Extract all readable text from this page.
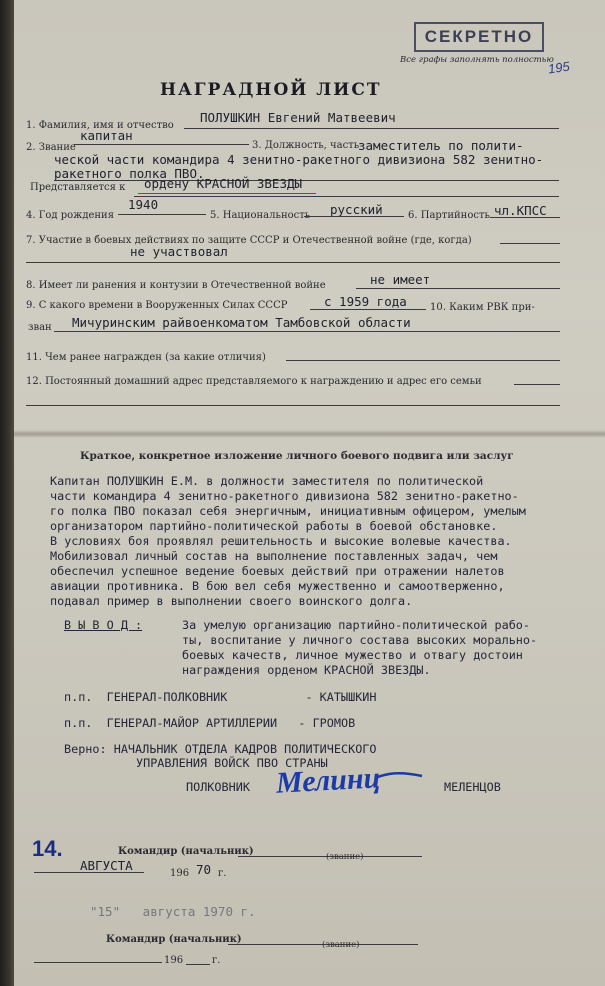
СЕКРЕТНО
Все графы заполнять полностью
195
НАГРАДНОЙ ЛИСТ
1. Фамилия, имя и отчество
ПОЛУШКИН Евгений Матвеевич
2. Звание
капитан
3. Должность, часть
заместитель по полити-
ческой части командира 4 зенитно-ракетного дивизиона 582 зенитно-
ракетного полка ПВО.
Представляется к ордену КРАСНОЙ ЗВЕЗДЫ
4. Год рождения
1940
5. Национальность русский	6. Партийность чл.КПСС
7. Участие в боевых действиях по защите СССР и Отечественной войне (где, когда)
не участвовал
8. Имеет ли ранения и контузии в Отечественной войне	не имеет
9. С какого времени в Вооруженных Силах СССР	с 1959 года 10. Каким РВК при-
зван Мичуринским райвоенкоматом Тамбовской области
11. Чем ранее награжден (за какие отличия)
12. Постоянный домашний адрес представляемого к награждению и адрес его семьи
Краткое, конкретное изложение личного боевого подвига или заслуг
Капитан ПОЛУШКИН Е.М. в должности заместителя по политической
части командира 4 зенитно-ракетного дивизиона 582 зенитно-ракетно-
го полка ПВО показал себя энергичным, инициативным офицером, умелым
организатором партийно-политической работы в боевой обстановке.
В условиях боя проявлял решительность и высокие волевые качества.
Мобилизовал личный состав на выполнение поставленных задач, чем
обеспечил успешное ведение боевых действий при отражении налетов
авиации противника. В бою вел себя мужественно и самоотверженно,
подавал пример в выполнении своего воинского долга.
В Ы В О Д :	За умелую организацию партийно-политической рабо-
ты, воспитание у личного состава высоких морально-
боевых качеств, личное мужество и отвагу достоин
награждения орденом КРАСНОЙ ЗВЕЗДЫ.
п.п.  ГЕНЕРАЛ-ПОЛКОВНИК           - КАТЫШКИН
п.п.  ГЕНЕРАЛ-МАЙОР АРТИЛЛЕРИИ   - ГРОМОВ
Верно: НАЧАЛЬНИК ОТДЕЛА КАДРОВ ПОЛИТИЧЕСКОГО
УПРАВЛЕНИЯ ВОЙСК ПВО СТРАНЫ
ПОЛКОВНИК Мелинц	МЕЛЕНЦОВ
14.	Командир (начальник)	(звание)
АВГУСТА
196 70 г.
"15"   августа 1970 г.
Командир (начальник)	(звание)
196	г.
